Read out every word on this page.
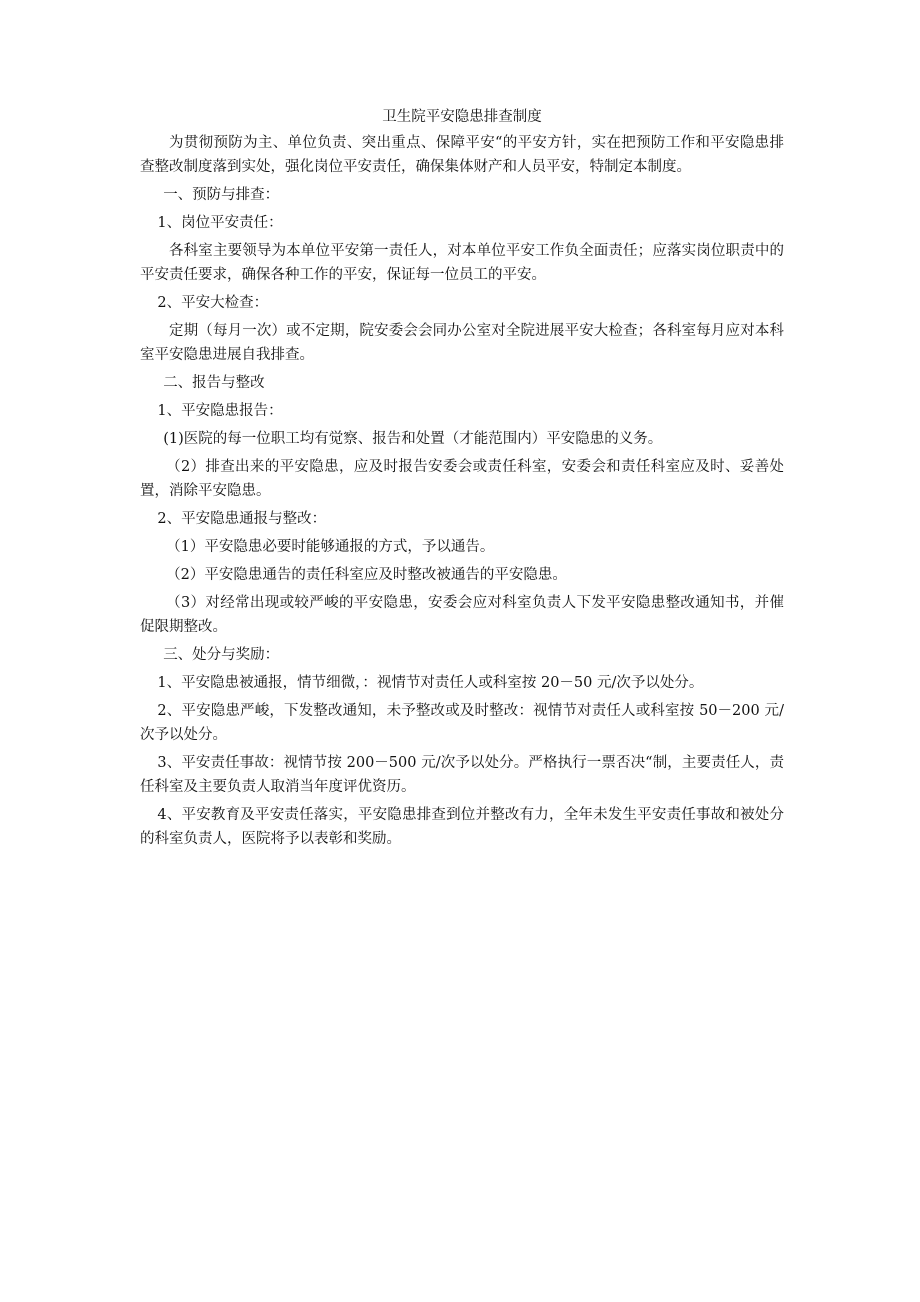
卫生院平安隐患排查制度

为贯彻预防为主、单位负责、突出重点、保障平安“的平安方针，实在把预防工作和平安隐患排查整改制度落到实处，强化岗位平安责任，确保集体财产和人员平安，特制定本制度。

一、预防与排查：

1、岗位平安责任：

各科室主要领导为本单位平安第一责任人，对本单位平安工作负全面责任；应落实岗位职责中的平安责任要求，确保各种工作的平安，保证每一位员工的平安。

2、平安大检查：

定期（每月一次）或不定期，院安委会会同办公室对全院进展平安大检查；各科室每月应对本科室平安隐患进展自我排查。

二、报告与整改

1、平安隐患报告：

(1)医院的每一位职工均有觉察、报告和处置（才能范围内）平安隐患的义务。

（2）排查出来的平安隐患，应及时报告安委会或责任科室，安委会和责任科室应及时、妥善处置，消除平安隐患。

2、平安隐患通报与整改：

（1）平安隐患必要时能够通报的方式，予以通告。

（2）平安隐患通告的责任科室应及时整改被通告的平安隐患。

（3）对经常出现或较严峻的平安隐患，安委会应对科室负责人下发平安隐患整改通知书，并催促限期整改。

三、处分与奖励：

1、平安隐患被通报，情节细微，：视情节对责任人或科室按 20－50 元/次予以处分。

2、平安隐患严峻，下发整改通知，未予整改或及时整改：视情节对责任人或科室按 50－200 元/次予以处分。

3、平安责任事故：视情节按 200－500 元/次予以处分。严格执行一票否决“制，主要责任人，责任科室及主要负责人取消当年度评优资历。

4、平安教育及平安责任落实，平安隐患排查到位并整改有力，全年未发生平安责任事故和被处分的科室负责人，医院将予以表彰和奖励。
